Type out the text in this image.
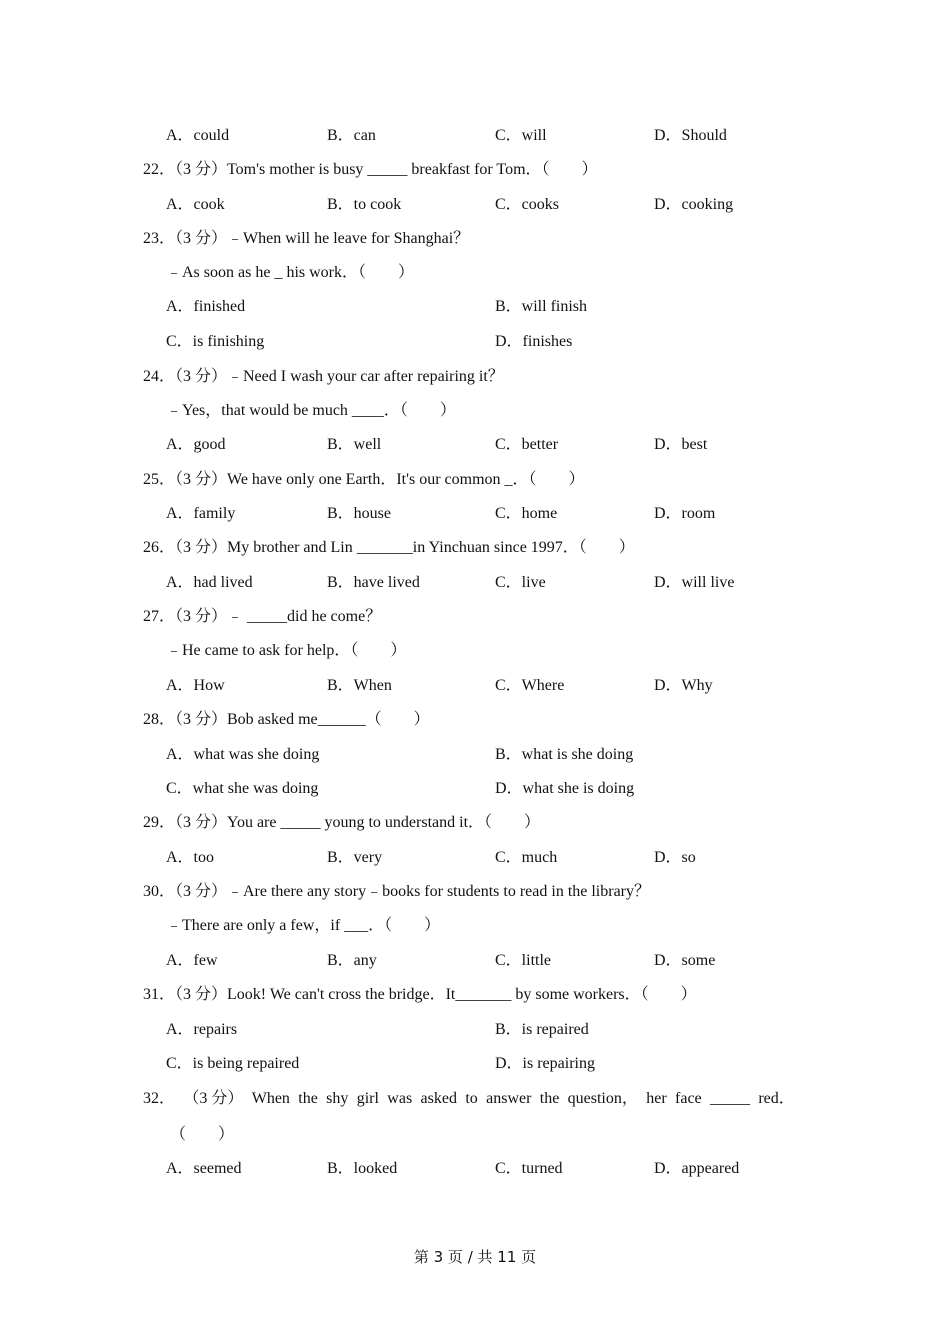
A．could	B．can	C．will	D．Should
22．（3 分）Tom's mother is busy _____ breakfast for Tom．（　　）
A．cook	B．to cook	C．cooks	D．cooking
23．（3 分）﹣When will he leave for Shanghai？
﹣As soon as he _ his work．（　　）
A．finished	B．will finish
C．is finishing	D．finishes
24．（3 分）﹣Need I wash your car after repairing it？
﹣Yes，that would be much ____．（　　）
A．good	B．well	C．better	D．best
25．（3 分）We have only one Earth．It's our common _．（　　）
A．family	B．house	C．home	D．room
26．（3 分）My brother and Lin _______in Yinchuan since 1997．（　　）
A．had lived	B．have lived	C．live	D．will live
27．（3 分）﹣ _____did he come？
﹣He came to ask for help．（　　）
A．How	B．When	C．Where	D．Why
28．（3 分）Bob asked me______（　　）
A．what was she doing	B．what is she doing
C．what she was doing	D．what she is doing
29．（3 分）You are _____ young to understand it．（　　）
A．too	B．very	C．much	D．so
30．（3 分）﹣Are there any story﹣books for students to read in the library？
﹣There are only a few，if ___．（　　）
A．few	B．any	C．little	D．some
31．（3 分）Look! We can't cross the bridge．It_______ by some workers．（　　）
A．repairs	B．is repaired
C．is being repaired	D．is repairing
32． （3 分） When the shy girl was asked to answer the question， her face _____ red．
（　　）
A．seemed	B．looked	C．turned	D．appeared
第 3 页 / 共 11 页
